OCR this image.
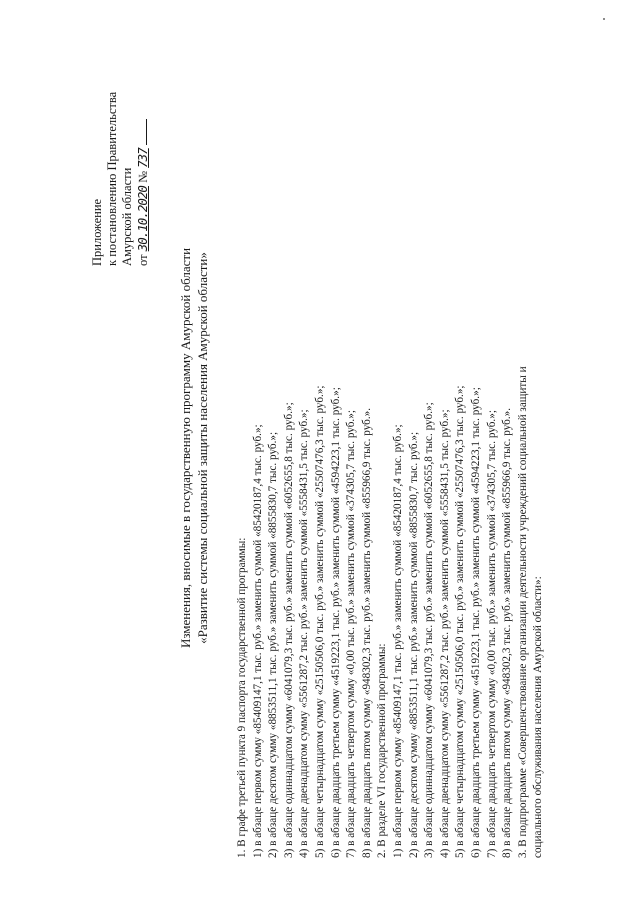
Приложение к постановлению Правительства Амурской области от 30.10.2020 № 737
Изменения, вносимые в государственную программу Амурской области «Развитие системы социальной защиты населения Амурской области»
1. В графе третьей пункта 9 паспорта государственной программы: 1) в абзаце первом сумму «85409147,1 тыс. руб.» заменить суммой «85420187,4 тыс. руб.»; 2) в абзаце десятом сумму «8853511,1 тыс. руб.» заменить суммой «8855830,7 тыс. руб.»; 3) в абзаце одиннадцатом сумму «6041079,3 тыс. руб.» заменить суммой «6052655,8 тыс. руб.»; 4) в абзаце двенадцатом сумму «5561287,2 тыс. руб.» заменить суммой «5558431,5 тыс. руб.»; 5) в абзаце четырнадцатом сумму «25150506,0 тыс. руб.» заменить суммой «25507476,3 тыс. руб.»; 6) в абзаце двадцать третьем сумму «4519223,1 тыс. руб.» заменить суммой «4594223,1 тыс. руб.»; 7) в абзаце двадцать четвертом сумму «0,00 тыс. руб.» заменить суммой «374305,7 тыс. руб.»; 8) в абзаце двадцать пятом сумму «948302,3 тыс. руб.» заменить суммой «855966,9 тыс. руб.». 2. В разделе VI государственной программы: 1) в абзаце первом сумму «85409147,1 тыс. руб.» заменить суммой «85420187,4 тыс. руб.»; 2) в абзаце десятом сумму «8853511,1 тыс. руб.» заменить суммой «8855830,7 тыс. руб.»; 3) в абзаце одиннадцатом сумму «6041079,3 тыс. руб.» заменить суммой «6052655,8 тыс. руб.»; 4) в абзаце двенадцатом сумму «5561287,2 тыс. руб.» заменить суммой «5558431,5 тыс. руб.»; 5) в абзаце четырнадцатом сумму «25150506,0 тыс. руб.» заменить суммой «25507476,3 тыс. руб.»; 6) в абзаце двадцать третьем сумму «4519223,1 тыс. руб.» заменить суммой «4594223,1 тыс. руб.»; 7) в абзаце двадцать четвертом сумму «0,00 тыс. руб.» заменить суммой «374305,7 тыс. руб.»; 8) в абзаце двадцать пятом сумму «948302,3 тыс. руб.» заменить суммой «855966,9 тыс. руб.». 3. В подпрограмме «Совершенствование организации деятельности учреждений социальной защиты и социального обслуживания населения Амурской области»:
